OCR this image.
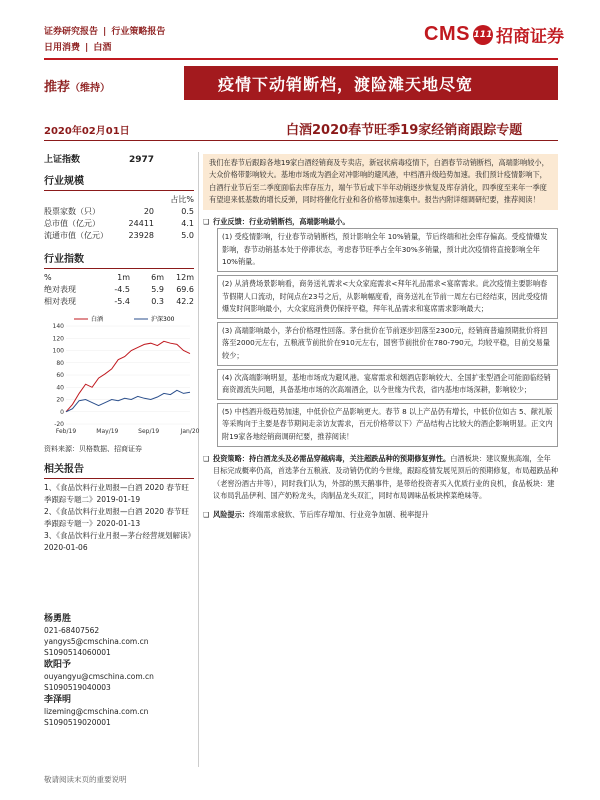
证券研究报告 | 行业策略报告
日用消费 | 白酒
CMS 111 招商证券
推荐（维持）	疫情下动销断档，渡险滩天地尽宽
2020年02月01日	白酒2020春节旺季19家经销商跟踪专题
上证指数	2977
行业规模
占比%
股票家数（只）	20	0.5
总市值（亿元）	24411	4.1
流通市值（亿元）	23928	5.0
行业指数
%	1m	6m	12m
绝对表现	-4.5	5.9	69.6
相对表现	-5.4	0.3	42.2
140
120
100
80
60
40
20
0
-20
Feb/19	May/19	Sep/19	Jan/20
白酒	沪深300
资料来源：贝格数据、招商证券
相关报告
1、《食品饮料行业周报—白酒 2020 春节旺季跟踪专题二》2019-01-19
2、《食品饮料行业周报—白酒 2020 春节旺季跟踪专题一》2020-01-13
3、《食品饮料行业月报—茅台经营规划解读》2020-01-06
杨勇胜
021-68407562
yangys5@cmschina.com.cn
S1090514060001
欧阳予
ouyangyu@cmschina.com.cn
S1090519040003
李泽明
lizeming@cmschina.com.cn
S1090519020001
我们在春节后跟踪各地19家白酒经销商及专卖店，新冠状病毒疫情下，白酒春节动销断档，高端影响较小，大众价格带影响较大。基地市场成为酒企对冲影响的避风港，中档酒升级趋势加速。我们预计疫情影响下，白酒行业节后至二季度面临去库存压力，端午节后或下半年动销逐步恢复及库存消化，四季度至来年一季度有望迎来低基数的增长反弹，同时将催化行业和各价格带加速集中。报告内附详细调研纪要，推荐阅读！
❑ 行业反馈：行业动销断档，高端影响最小。
(1) 受疫情影响，行业春节动销断档，预计影响全年 10%销量，节后终端和社会库存偏高。受疫情爆发影响，春节动销基本处于停滞状态，考虑春节旺季占全年30%多销量，预计此次疫情将直接影响全年10%销量。
(2) 从消费场景影响看，商务送礼需求<大众家庭需求<拜年礼品需求<宴席需求。此次疫情主要影响春节假期人口流动，时间点在23号之后，从影响幅度看，商务送礼在节前一周左右已经结束，因此受疫情爆发时间影响最小，大众家庭消费仍保持平稳，拜年礼品需求和宴席需求影响最大；
(3) 高端影响最小，茅台价格理性回落。茅台批价在节前逐步回落至2300元，经销商普遍预期批价将回落至2000元左右，五粮液节前批价在910元左右，国窖节前批价在780-790元，均较平稳，目前交易量较少；
(4) 次高端影响明显，基地市场成为避风港。宴席需求和烟酒店影响较大、全国扩张型酒企可能面临经销商资源流失问题，具备基地市场的次高端酒企，以今世缘为代表，省内基地市场深耕，影响较少；
(5) 中档酒升级趋势加速，中低价位产品影响更大。春节 8 以上产品仍有增长，中低价位如古 5、献礼版等采购向于主要是春节期间走亲访友需求，百元价格带以下）产品结构占比较大的酒企影响明显。正文内附19家各地经销商调研纪要，推荐阅读！
❑ 投资策略：持白酒龙头及必需品穿越病毒，关注超跌品种的预期修复弹性。白酒板块：建议聚焦高端，全年目标完成概率仍高，首选茅台五粮液、及动销仍优的今世缘，跟踪疫情发展见顶后的预期修复，布局超跌品种（老窖汾酒古井等），同时我们认为，外部的黑天鹅事件，是带给投资者买入优质行业的良机，食品板块：建议布局乳品伊利、国产奶粉龙头，肉制品龙头双汇，同时布局调味品板块榨菜绝味等。
❑ 风险提示：终端需求疲软、节后库存增加、行业竞争加剧、税率提升
敬请阅读末页的重要说明
